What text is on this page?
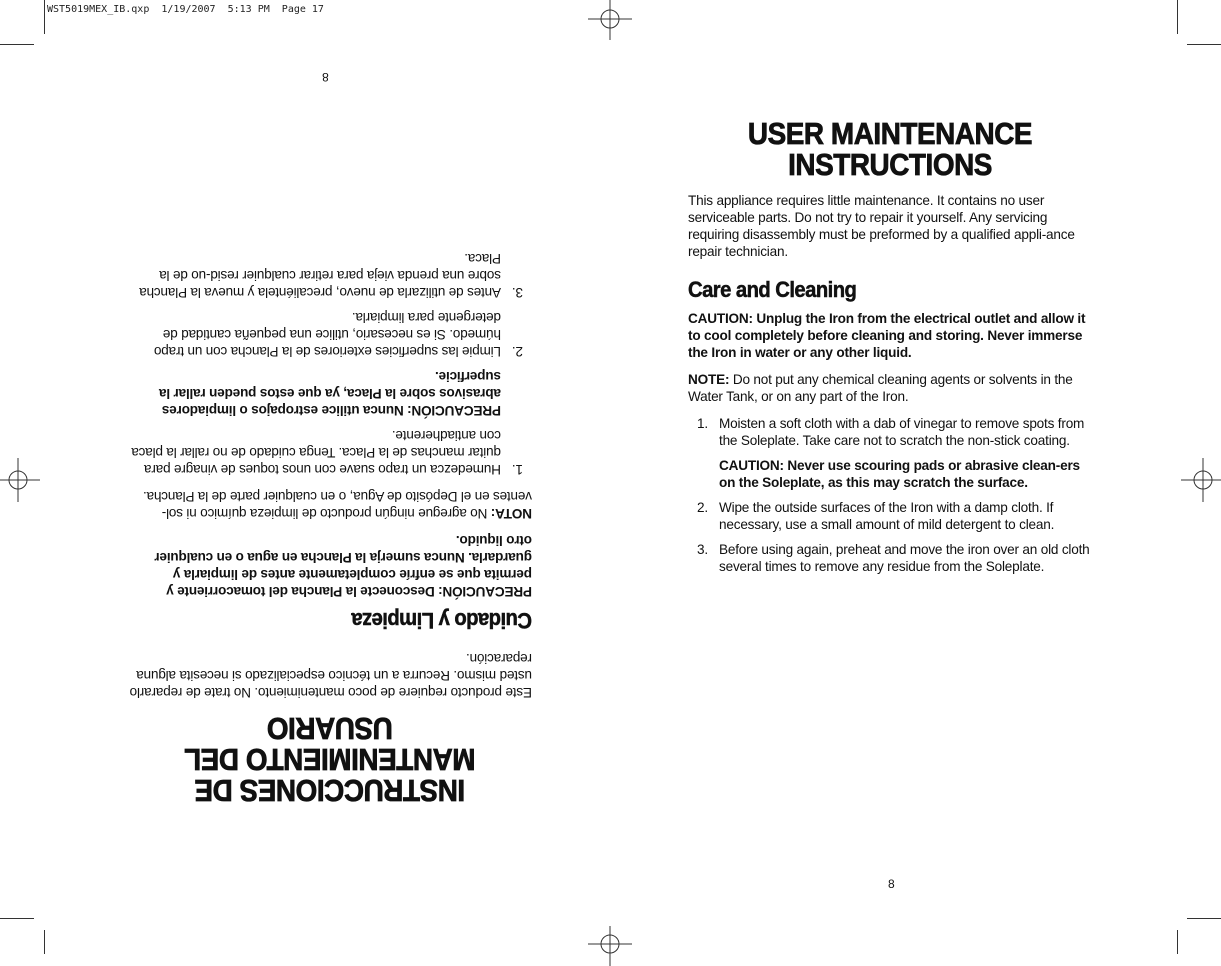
WST5019MEX_IB.qxp  1/19/2007  5:13 PM  Page 17
8
INSTRUCCIONES DE
MANTENIMIENTO DEL
USUARIO

Este producto requiere de poco mantenimiento. No trate de repararlo usted mismo. Recurra a un técnico especializado si necesita alguna reparación.

Cuidado y Limpieza

PRECAUCIÓN: Desconecte la Plancha del tomacorriente y permita que se enfríe completamente antes de limpiarla y guardarla. Nunca sumerja la Plancha en agua o en cualquier otro liquido.

NOTA: No agregue ningún producto de limpieza químico ni sol-ventes en el Depósito de Agua, o en cualquier parte de la Plancha.

1.
Humedezca un trapo suave con unos toques de vinagre para quitar manchas de la Placa. Tenga cuidado de no rallar la placa con antiadherente.
PRECAUCIÓN: Nunca utilice estropajos o limpiadores abrasivos sobre la Placa, ya que estos pueden rallar la superficie.
2.
Limpie las superficies exteriores de la Plancha con un trapo húmedo. Si es necesario, utilice una pequeña cantidad de detergente para limpiarla.
3.
Antes de utilizarla de nuevo, precaliéntela y mueva la Plancha sobre una prenda vieja para retirar cualquier resid-uo de la Placa.
USER MAINTENANCE
INSTRUCTIONS

This appliance requires little maintenance. It contains no user serviceable parts. Do not try to repair it yourself. Any servicing requiring disassembly must be preformed by a qualified appli-ance repair technician.

Care and Cleaning

CAUTION: Unplug the Iron from the electrical outlet and allow it to cool completely before cleaning and storing. Never immerse the Iron in water or any other liquid.

NOTE: Do not put any chemical cleaning agents or solvents in the Water Tank, or on any part of the Iron.

1. Moisten a soft cloth with a dab of vinegar to remove spots from the Soleplate. Take care not to scratch the non-stick coating.
CAUTION: Never use scouring pads or abrasive clean-ers on the Soleplate, as this may scratch the surface.
2. Wipe the outside surfaces of the Iron with a damp cloth. If necessary, use a small amount of mild detergent to clean.
3. Before using again, preheat and move the iron over an old cloth several times to remove any residue from the Soleplate.
8
